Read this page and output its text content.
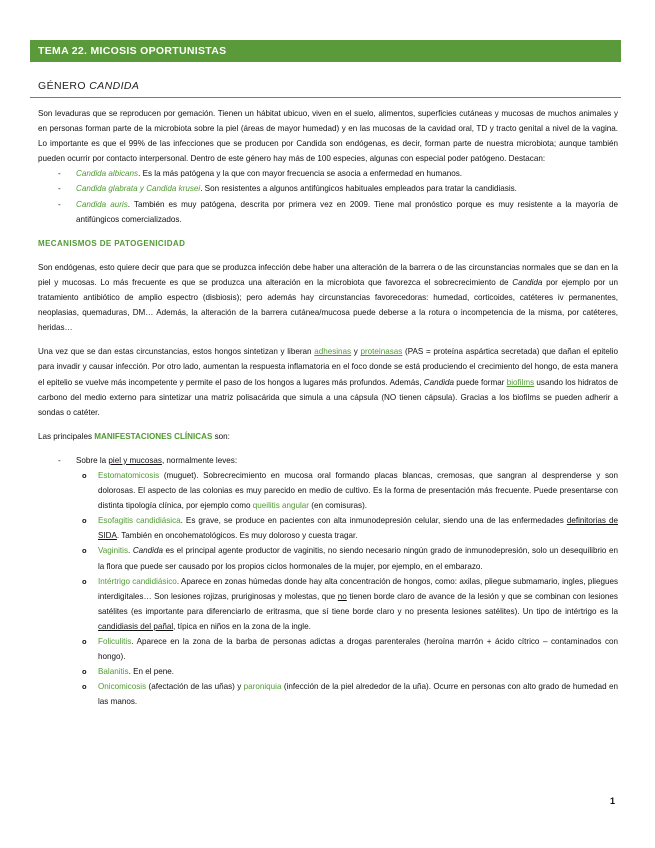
TEMA 22. MICOSIS OPORTUNISTAS
GÉNERO CANDIDA

Son levaduras que se reproducen por gemación. Tienen un hábitat ubicuo, viven en el suelo, alimentos, superficies cutáneas y mucosas de muchos animales y en personas forman parte de la microbiota sobre la piel (áreas de mayor humedad) y en las mucosas de la cavidad oral, TD y tracto genital a nivel de la vagina. Lo importante es que el 99% de las infecciones que se producen por Candida son endógenas, es decir, forman parte de nuestra microbiota; aunque también pueden ocurrir por contacto interpersonal. Dentro de este género hay más de 100 especies, algunas con especial poder patógeno. Destacan:

- Candida albicans. Es la más patógena y la que con mayor frecuencia se asocia a enfermedad en humanos.
- Candida glabrata y Candida krusei. Son resistentes a algunos antifúngicos habituales empleados para tratar la candidiasis.
- Candida auris. También es muy patógena, descrita por primera vez en 2009. Tiene mal pronóstico porque es muy resistente a la mayoría de antifúngicos comercializados.

MECANISMOS DE PATOGENICIDAD

Son endógenas, esto quiere decir que para que se produzca infección debe haber una alteración de la barrera o de las circunstancias normales que se dan en la piel y mucosas. Lo más frecuente es que se produzca una alteración en la microbiota que favorezca el sobrecrecimiento de Candida por ejemplo por un tratamiento antibiótico de amplio espectro (disbiosis); pero además hay circunstancias favorecedoras: humedad, corticoides, catéteres iv permanentes, neoplasias, quemaduras, DM… Además, la alteración de la barrera cutánea/mucosa puede deberse a la rotura o incompetencia de la misma, por catéteres, heridas…

Una vez que se dan estas circunstancias, estos hongos sintetizan y liberan adhesinas y proteinasas (PAS = proteína aspártica secretada) que dañan el epitelio para invadir y causar infección. Por otro lado, aumentan la respuesta inflamatoria en el foco donde se está produciendo el crecimiento del hongo, de esta manera el epitelio se vuelve más incompetente y permite el paso de los hongos a lugares más profundos. Además, Candida puede formar biofilms usando los hidratos de carbono del medio externo para sintetizar una matriz polisacárida que simula a una cápsula (NO tienen cápsula). Gracias a los biofilms se pueden adherir a sondas o catéter.

Las principales MANIFESTACIONES CLÍNICAS son:

- Sobre la piel y mucosas, normalmente leves:
o Estomatomicosis (muguet). Sobrecrecimiento en mucosa oral formando placas blancas, cremosas, que sangran al desprenderse y son dolorosas. El aspecto de las colonias es muy parecido en medio de cultivo. Es la forma de presentación más frecuente. Puede presentarse con distinta tipología clínica, por ejemplo como queilitis angular (en comisuras).
o Esofagitis candidiásica. Es grave, se produce en pacientes con alta inmunodepresión celular, siendo una de las enfermedades definitorias de SIDA. También en oncohematológicos. Es muy doloroso y cuesta tragar.
o Vaginitis. Candida es el principal agente productor de vaginitis, no siendo necesario ningún grado de inmunodepresión, solo un desequilibrio en la flora que puede ser causado por los propios ciclos hormonales de la mujer, por ejemplo, en el embarazo.
o Intértrigo candidiásico. Aparece en zonas húmedas donde hay alta concentración de hongos, como: axilas, pliegue submamario, ingles, pliegues interdigitales… Son lesiones rojizas, pruriginosas y molestas, que no tienen borde claro de avance de la lesión y que se combinan con lesiones satélites (es importante para diferenciarlo de eritrasma, que sí tiene borde claro y no presenta lesiones satélites). Un tipo de intértrigo es la candidiasis del pañal, típica en niños en la zona de la ingle.
o Foliculitis. Aparece en la zona de la barba de personas adictas a drogas parenterales (heroína marrón + ácido cítrico – contaminados con hongo).
o Balanitis. En el pene.
o Onicomicosis (afectación de las uñas) y paroniquia (infección de la piel alrededor de la uña). Ocurre en personas con alto grado de humedad en las manos.
1
